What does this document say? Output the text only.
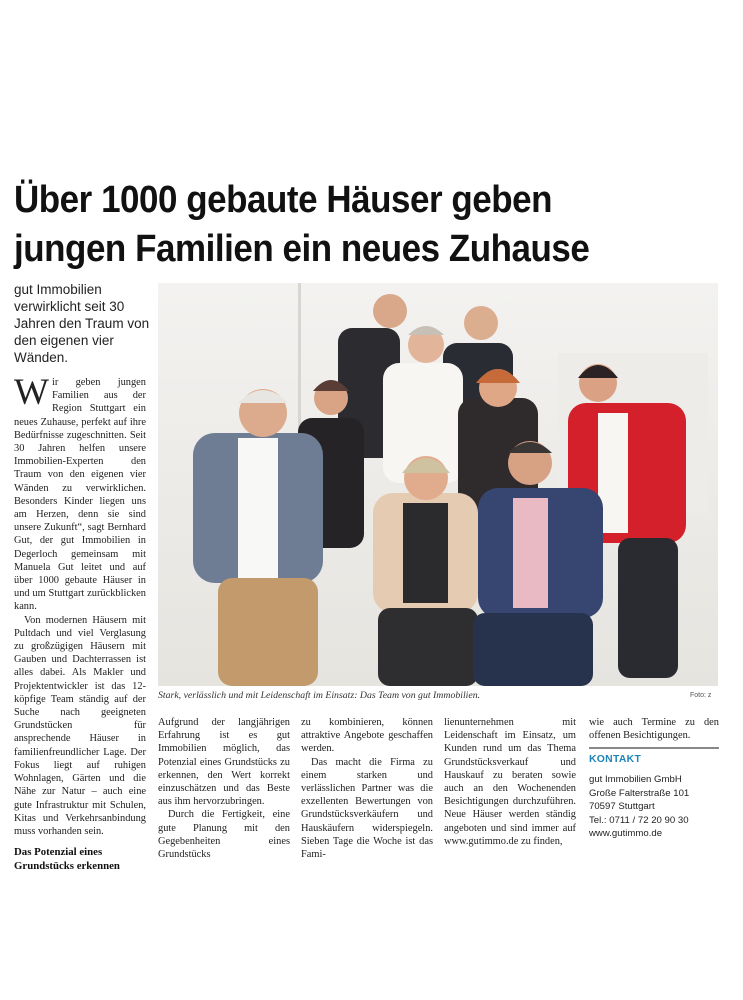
Über 1000 gebaute Häuser geben jungen Familien ein neues Zuhause
gut Immobilien verwirklicht seit 30 Jahren den Traum von den eigenen vier Wänden.

Wir geben jungen Familien aus der Region Stuttgart ein neues Zuhause, perfekt auf ihre Bedürfnisse zugeschnitten. Seit 30 Jahren helfen unsere Immobilien-Experten den Traum von den eigenen vier Wänden zu verwirklichen. Besonders Kinder liegen uns am Herzen, denn sie sind unsere Zukunft“, sagt Bernhard Gut, der gut Immobilien in Degerloch gemeinsam mit Manuela Gut leitet und auf über 1000 gebaute Häuser in und um Stuttgart zurückblicken kann.

Von modernen Häusern mit Pultdach und viel Verglasung zu großzügigen Häusern mit Gauben und Dachterrassen ist alles dabei. Als Makler und Projektentwickler ist das 12-köpfige Team ständig auf der Suche nach geeigneten Grundstücken für ansprechende Häuser in familienfreundlicher Lage. Der Fokus liegt auf ruhigen Wohnlagen, Gärten und die Nähe zur Natur – auch eine gute Infrastruktur mit Schulen, Kitas und Verkehrsanbindung muss vorhanden sein.

Das Potenzial eines Grundstücks erkennen
Stark, verlässlich und mit Leidenschaft im Einsatz: Das Team von gut Immobilien.	Foto: z

Aufgrund der langjährigen Erfahrung ist es gut Immobilien möglich, das Potenzial eines Grundstücks zu erkennen, den Wert korrekt einzuschätzen und das Beste aus ihm hervorzubringen.

Durch die Fertigkeit, eine gute Planung mit den Gegebenheiten eines Grundstücks

zu kombinieren, können attraktive Angebote geschaffen werden.

Das macht die Firma zu einem starken und verlässlichen Partner was die exzellenten Bewertungen von Grundstücksverkäufern und Hauskäufern widerspiegeln. Sieben Tage die Woche ist das Fami-

lienunternehmen mit Leidenschaft im Einsatz, um Kunden rund um das Thema Grundstücksverkauf und Hauskauf zu beraten sowie auch an den Wochenenden Besichtigungen durchzuführen. Neue Häuser werden ständig angeboten und sind immer auf www.gutimmo.de zu finden,

wie auch Termine zu den offenen Besichtigungen.

KONTAKT
gut Immobilien GmbH
Große Falterstraße 101
70597 Stuttgart
Tel.: 0711 / 72 20 90 30
www.gutimmo.de
